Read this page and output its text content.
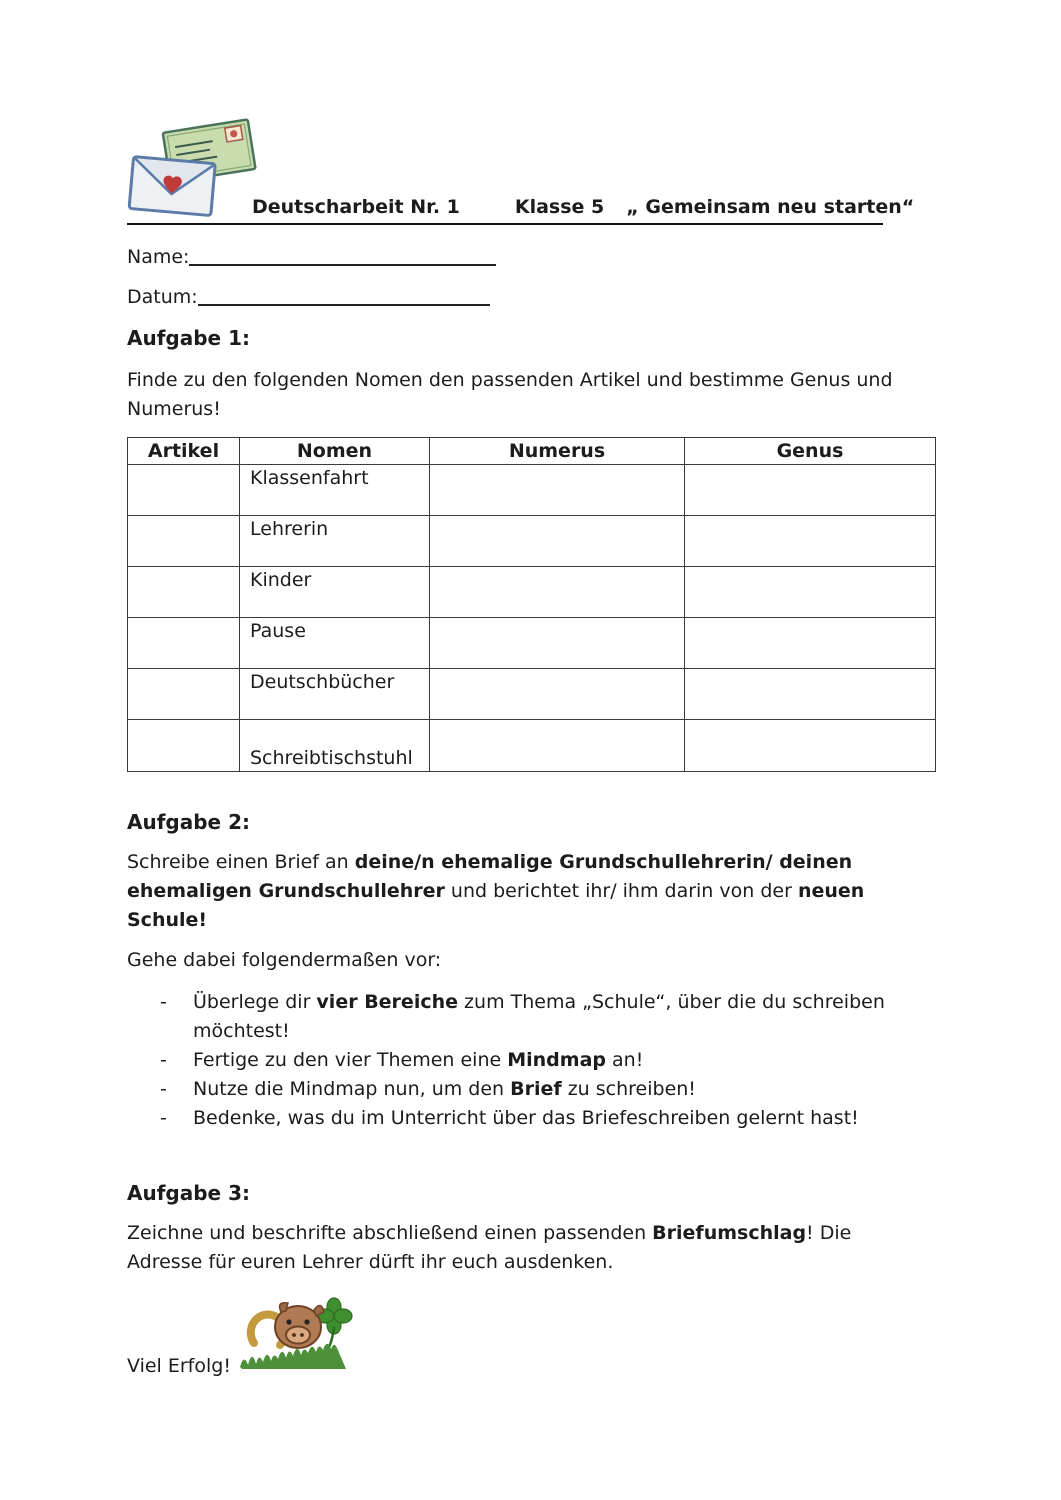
Deutscharbeit Nr. 1	Klasse 5 „ Gemeinsam neu starten“
Name:
Datum:
Aufgabe 1:
Finde zu den folgenden Nomen den passenden Artikel und bestimme Genus und Numerus!
Artikel	Nomen	Numerus	Genus
	Klassenfahrt		
	Lehrerin		
	Kinder		
	Pause		
	Deutschbücher		
	Schreibtischstuhl		
Aufgabe 2:
Schreibe einen Brief an deine/n ehemalige Grundschullehrerin/ deinen ehemaligen Grundschullehrer und berichtet ihr/ ihm darin von der neuen Schule!
Gehe dabei folgendermaßen vor:
-	Überlege dir vier Bereiche zum Thema „Schule“, über die du schreiben möchtest!
-	Fertige zu den vier Themen eine Mindmap an!
-	Nutze die Mindmap nun, um den Brief zu schreiben!
-	Bedenke, was du im Unterricht über das Briefeschreiben gelernt hast!
Aufgabe 3:
Zeichne und beschrifte abschließend einen passenden Briefumschlag! Die Adresse für euren Lehrer dürft ihr euch ausdenken.
Viel Erfolg!
